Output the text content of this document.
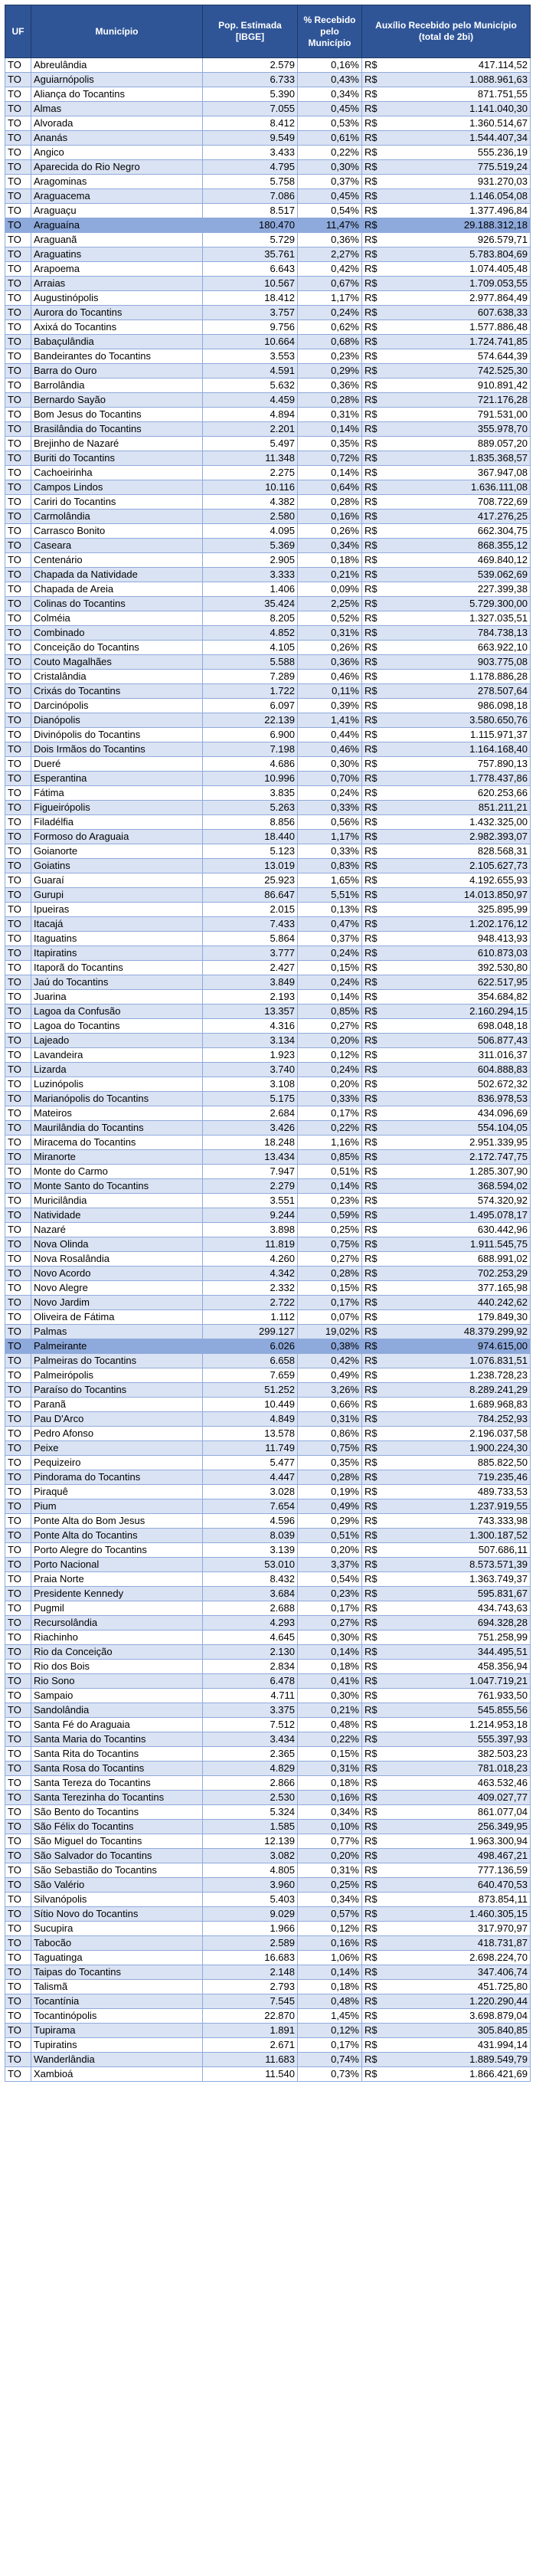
UF	Município	Pop. Estimada [IBGE]	% Recebido pelo Município	Auxílio Recebido pelo Município (total de 2bi)	
TO	Abreulândia	2.579	0,16%	R$	417.114,52
TO	Aguiarnópolis	6.733	0,43%	R$	1.088.961,63
TO	Aliança do Tocantins	5.390	0,34%	R$	871.751,55
TO	Almas	7.055	0,45%	R$	1.141.040,30
TO	Alvorada	8.412	0,53%	R$	1.360.514,67
TO	Ananás	9.549	0,61%	R$	1.544.407,34
TO	Angico	3.433	0,22%	R$	555.236,19
TO	Aparecida do Rio Negro	4.795	0,30%	R$	775.519,24
TO	Aragominas	5.758	0,37%	R$	931.270,03
TO	Araguacema	7.086	0,45%	R$	1.146.054,08
TO	Araguaçu	8.517	0,54%	R$	1.377.496,84
TO	Araguaína	180.470	11,47%	R$	29.188.312,18
TO	Araguanã	5.729	0,36%	R$	926.579,71
TO	Araguatins	35.761	2,27%	R$	5.783.804,69
TO	Arapoema	6.643	0,42%	R$	1.074.405,48
TO	Arraias	10.567	0,67%	R$	1.709.053,55
TO	Augustinópolis	18.412	1,17%	R$	2.977.864,49
TO	Aurora do Tocantins	3.757	0,24%	R$	607.638,33
TO	Axixá do Tocantins	9.756	0,62%	R$	1.577.886,48
TO	Babaçulândia	10.664	0,68%	R$	1.724.741,85
TO	Bandeirantes do Tocantins	3.553	0,23%	R$	574.644,39
TO	Barra do Ouro	4.591	0,29%	R$	742.525,30
TO	Barrolândia	5.632	0,36%	R$	910.891,42
TO	Bernardo Sayão	4.459	0,28%	R$	721.176,28
TO	Bom Jesus do Tocantins	4.894	0,31%	R$	791.531,00
TO	Brasilândia do Tocantins	2.201	0,14%	R$	355.978,70
TO	Brejinho de Nazaré	5.497	0,35%	R$	889.057,20
TO	Buriti do Tocantins	11.348	0,72%	R$	1.835.368,57
TO	Cachoeirinha	2.275	0,14%	R$	367.947,08
TO	Campos Lindos	10.116	0,64%	R$	1.636.111,08
TO	Cariri do Tocantins	4.382	0,28%	R$	708.722,69
TO	Carmolândia	2.580	0,16%	R$	417.276,25
TO	Carrasco Bonito	4.095	0,26%	R$	662.304,75
TO	Caseara	5.369	0,34%	R$	868.355,12
TO	Centenário	2.905	0,18%	R$	469.840,12
TO	Chapada da Natividade	3.333	0,21%	R$	539.062,69
TO	Chapada de Areia	1.406	0,09%	R$	227.399,38
TO	Colinas do Tocantins	35.424	2,25%	R$	5.729.300,00
TO	Colméia	8.205	0,52%	R$	1.327.035,51
TO	Combinado	4.852	0,31%	R$	784.738,13
TO	Conceição do Tocantins	4.105	0,26%	R$	663.922,10
TO	Couto Magalhães	5.588	0,36%	R$	903.775,08
TO	Cristalândia	7.289	0,46%	R$	1.178.886,28
TO	Crixás do Tocantins	1.722	0,11%	R$	278.507,64
TO	Darcinópolis	6.097	0,39%	R$	986.098,18
TO	Dianópolis	22.139	1,41%	R$	3.580.650,76
TO	Divinópolis do Tocantins	6.900	0,44%	R$	1.115.971,37
TO	Dois Irmãos do Tocantins	7.198	0,46%	R$	1.164.168,40
TO	Dueré	4.686	0,30%	R$	757.890,13
TO	Esperantina	10.996	0,70%	R$	1.778.437,86
TO	Fátima	3.835	0,24%	R$	620.253,66
TO	Figueirópolis	5.263	0,33%	R$	851.211,21
TO	Filadélfia	8.856	0,56%	R$	1.432.325,00
TO	Formoso do Araguaia	18.440	1,17%	R$	2.982.393,07
TO	Goianorte	5.123	0,33%	R$	828.568,31
TO	Goiatins	13.019	0,83%	R$	2.105.627,73
TO	Guaraí	25.923	1,65%	R$	4.192.655,93
TO	Gurupi	86.647	5,51%	R$	14.013.850,97
TO	Ipueiras	2.015	0,13%	R$	325.895,99
TO	Itacajá	7.433	0,47%	R$	1.202.176,12
TO	Itaguatins	5.864	0,37%	R$	948.413,93
TO	Itapiratins	3.777	0,24%	R$	610.873,03
TO	Itaporã do Tocantins	2.427	0,15%	R$	392.530,80
TO	Jaú do Tocantins	3.849	0,24%	R$	622.517,95
TO	Juarina	2.193	0,14%	R$	354.684,82
TO	Lagoa da Confusão	13.357	0,85%	R$	2.160.294,15
TO	Lagoa do Tocantins	4.316	0,27%	R$	698.048,18
TO	Lajeado	3.134	0,20%	R$	506.877,43
TO	Lavandeira	1.923	0,12%	R$	311.016,37
TO	Lizarda	3.740	0,24%	R$	604.888,83
TO	Luzinópolis	3.108	0,20%	R$	502.672,32
TO	Marianópolis do Tocantins	5.175	0,33%	R$	836.978,53
TO	Mateiros	2.684	0,17%	R$	434.096,69
TO	Maurilândia do Tocantins	3.426	0,22%	R$	554.104,05
TO	Miracema do Tocantins	18.248	1,16%	R$	2.951.339,95
TO	Miranorte	13.434	0,85%	R$	2.172.747,75
TO	Monte do Carmo	7.947	0,51%	R$	1.285.307,90
TO	Monte Santo do Tocantins	2.279	0,14%	R$	368.594,02
TO	Muricilândia	3.551	0,23%	R$	574.320,92
TO	Natividade	9.244	0,59%	R$	1.495.078,17
TO	Nazaré	3.898	0,25%	R$	630.442,96
TO	Nova Olinda	11.819	0,75%	R$	1.911.545,75
TO	Nova Rosalândia	4.260	0,27%	R$	688.991,02
TO	Novo Acordo	4.342	0,28%	R$	702.253,29
TO	Novo Alegre	2.332	0,15%	R$	377.165,98
TO	Novo Jardim	2.722	0,17%	R$	440.242,62
TO	Oliveira de Fátima	1.112	0,07%	R$	179.849,30
TO	Palmas	299.127	19,02%	R$	48.379.299,92
TO	Palmeirante	6.026	0,38%	R$	974.615,00
TO	Palmeiras do Tocantins	6.658	0,42%	R$	1.076.831,51
TO	Palmeirópolis	7.659	0,49%	R$	1.238.728,23
TO	Paraíso do Tocantins	51.252	3,26%	R$	8.289.241,29
TO	Paranã	10.449	0,66%	R$	1.689.968,83
TO	Pau D'Arco	4.849	0,31%	R$	784.252,93
TO	Pedro Afonso	13.578	0,86%	R$	2.196.037,58
TO	Peixe	11.749	0,75%	R$	1.900.224,30
TO	Pequizeiro	5.477	0,35%	R$	885.822,50
TO	Pindorama do Tocantins	4.447	0,28%	R$	719.235,46
TO	Piraquê	3.028	0,19%	R$	489.733,53
TO	Pium	7.654	0,49%	R$	1.237.919,55
TO	Ponte Alta do Bom Jesus	4.596	0,29%	R$	743.333,98
TO	Ponte Alta do Tocantins	8.039	0,51%	R$	1.300.187,52
TO	Porto Alegre do Tocantins	3.139	0,20%	R$	507.686,11
TO	Porto Nacional	53.010	3,37%	R$	8.573.571,39
TO	Praia Norte	8.432	0,54%	R$	1.363.749,37
TO	Presidente Kennedy	3.684	0,23%	R$	595.831,67
TO	Pugmil	2.688	0,17%	R$	434.743,63
TO	Recursolândia	4.293	0,27%	R$	694.328,28
TO	Riachinho	4.645	0,30%	R$	751.258,99
TO	Rio da Conceição	2.130	0,14%	R$	344.495,51
TO	Rio dos Bois	2.834	0,18%	R$	458.356,94
TO	Rio Sono	6.478	0,41%	R$	1.047.719,21
TO	Sampaio	4.711	0,30%	R$	761.933,50
TO	Sandolândia	3.375	0,21%	R$	545.855,56
TO	Santa Fé do Araguaia	7.512	0,48%	R$	1.214.953,18
TO	Santa Maria do Tocantins	3.434	0,22%	R$	555.397,93
TO	Santa Rita do Tocantins	2.365	0,15%	R$	382.503,23
TO	Santa Rosa do Tocantins	4.829	0,31%	R$	781.018,23
TO	Santa Tereza do Tocantins	2.866	0,18%	R$	463.532,46
TO	Santa Terezinha do Tocantins	2.530	0,16%	R$	409.027,77
TO	São Bento do Tocantins	5.324	0,34%	R$	861.077,04
TO	São Félix do Tocantins	1.585	0,10%	R$	256.349,95
TO	São Miguel do Tocantins	12.139	0,77%	R$	1.963.300,94
TO	São Salvador do Tocantins	3.082	0,20%	R$	498.467,21
TO	São Sebastião do Tocantins	4.805	0,31%	R$	777.136,59
TO	São Valério	3.960	0,25%	R$	640.470,53
TO	Silvanópolis	5.403	0,34%	R$	873.854,11
TO	Sítio Novo do Tocantins	9.029	0,57%	R$	1.460.305,15
TO	Sucupira	1.966	0,12%	R$	317.970,97
TO	Tabocão	2.589	0,16%	R$	418.731,87
TO	Taguatinga	16.683	1,06%	R$	2.698.224,70
TO	Taipas do Tocantins	2.148	0,14%	R$	347.406,74
TO	Talismã	2.793	0,18%	R$	451.725,80
TO	Tocantínia	7.545	0,48%	R$	1.220.290,44
TO	Tocantinópolis	22.870	1,45%	R$	3.698.879,04
TO	Tupirama	1.891	0,12%	R$	305.840,85
TO	Tupiratins	2.671	0,17%	R$	431.994,14
TO	Wanderlândia	11.683	0,74%	R$	1.889.549,79
TO	Xambioá	11.540	0,73%	R$	1.866.421,69
